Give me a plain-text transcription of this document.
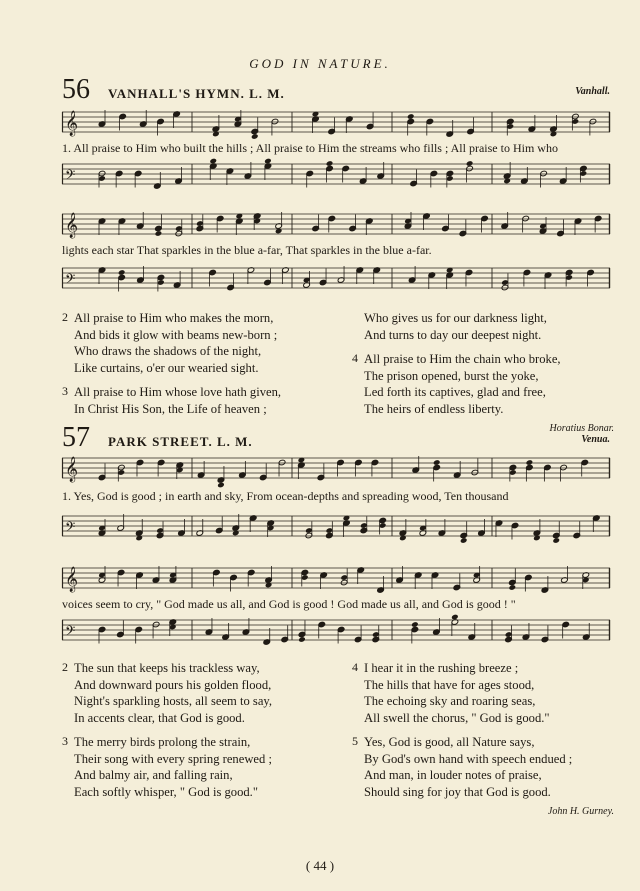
GOD IN NATURE.
56 VANHALL'S HYMN. L. M.	Vanhall.
𝄞
1. All praise to Him who built the hills ; All praise to Him the streams who fills ; All praise to Him who
𝄢
𝄞
lights each star That sparkles in the blue a-far, That sparkles in the blue a-far.
𝄢
2 All praise to Him who makes the morn,
And bids it glow with beams new-born ;
Who draws the shadows of the night,
Like curtains, o'er our wearied sight.
3 All praise to Him whose love hath given,
In Christ His Son, the Life of heaven ;
Who gives us for our darkness light,
And turns to day our deepest night.
4 All praise to Him the chain who broke,
The prison opened, burst the yoke,
Led forth its captives, glad and free,
The heirs of endless liberty.
Horatius Bonar.
57 PARK STREET. L. M.	Venua.
𝄞
1. Yes, God is good ; in earth and sky, From ocean-depths and spreading wood, Ten thousand
𝄢
𝄞
voices seem to cry, " God made us all, and God is good ! God made us all, and God is good ! "
𝄢
2 The sun that keeps his trackless way,
And downward pours his golden flood,
Night's sparkling hosts, all seem to say,
In accents clear, that God is good.
3 The merry birds prolong the strain,
Their song with every spring renewed ;
And balmy air, and falling rain,
Each softly whisper, " God is good."
4 I hear it in the rushing breeze ;
The hills that have for ages stood,
The echoing sky and roaring seas,
All swell the chorus, " God is good."
5 Yes, God is good, all Nature says,
By God's own hand with speech endued ;
And man, in louder notes of praise,
Should sing for joy that God is good.
John H. Gurney.
( 44 )
